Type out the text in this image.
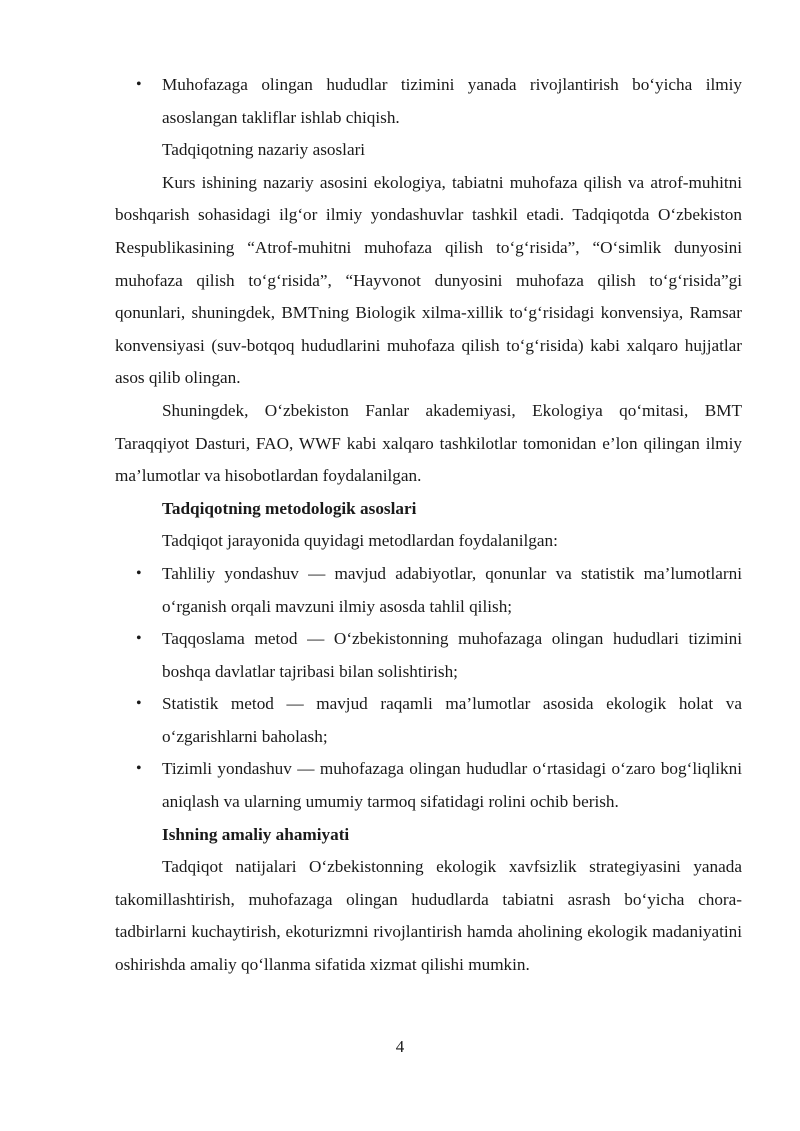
• Muhofazaga olingan hududlar tizimini yanada rivojlantirish bo‘yicha ilmiy asoslangan takliflar ishlab chiqish.

Tadqiqotning nazariy asoslari

Kurs ishining nazariy asosini ekologiya, tabiatni muhofaza qilish va atrof-muhitni boshqarish sohasidagi ilg‘or ilmiy yondashuvlar tashkil etadi. Tadqiqotda O‘zbekiston Respublikasining “Atrof-muhitni muhofaza qilish to‘g‘risida”, “O‘simlik dunyosini muhofaza qilish to‘g‘risida”, “Hayvonot dunyosini muhofaza qilish to‘g‘risida”gi qonunlari, shuningdek, BMTning Biologik xilma-xillik to‘g‘risidagi konvensiya, Ramsar konvensiyasi (suv-botqoq hududlarini muhofaza qilish to‘g‘risida) kabi xalqaro hujjatlar asos qilib olingan.

Shuningdek, O‘zbekiston Fanlar akademiyasi, Ekologiya qo‘mitasi, BMT Taraqqiyot Dasturi, FAO, WWF kabi xalqaro tashkilotlar tomonidan e’lon qilingan ilmiy ma’lumotlar va hisobotlardan foydalanilgan.

Tadqiqotning metodologik asoslari

Tadqiqot jarayonida quyidagi metodlardan foydalanilgan:

• Tahliliy yondashuv — mavjud adabiyotlar, qonunlar va statistik ma’lumotlarni o‘rganish orqali mavzuni ilmiy asosda tahlil qilish;
• Taqqoslama metod — O‘zbekistonning muhofazaga olingan hududlari tizimini boshqa davlatlar tajribasi bilan solishtirish;
• Statistik metod — mavjud raqamli ma’lumotlar asosida ekologik holat va o‘zgarishlarni baholash;
• Tizimli yondashuv — muhofazaga olingan hududlar o‘rtasidagi o‘zaro bog‘liqlikni aniqlash va ularning umumiy tarmoq sifatidagi rolini ochib berish.

Ishning amaliy ahamiyati

Tadqiqot natijalari O‘zbekistonning ekologik xavfsizlik strategiyasini yanada takomillashtirish, muhofazaga olingan hududlarda tabiatni asrash bo‘yicha chora-tadbirlarni kuchaytirish, ekoturizmni rivojlantirish hamda aholining ekologik madaniyatini oshirishda amaliy qo‘llanma sifatida xizmat qilishi mumkin.

4
